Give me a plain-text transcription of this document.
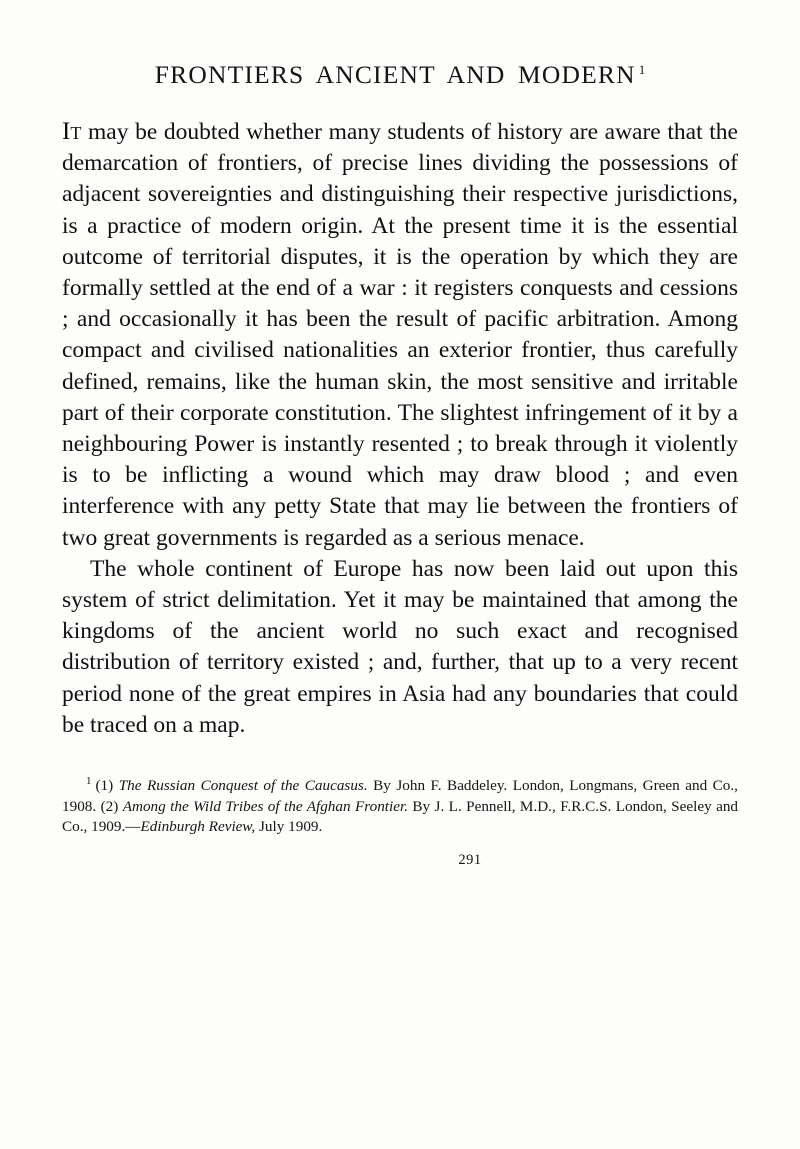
FRONTIERS ANCIENT AND MODERN $^1$

It may be doubted whether many students of history are aware that the demarcation of frontiers, of precise lines dividing the possessions of adjacent sovereignties and distinguishing their respective jurisdictions, is a practice of modern origin. At the present time it is the essential outcome of territorial disputes, it is the operation by which they are formally settled at the end of a war : it registers conquests and cessions ; and occasionally it has been the result of pacific arbitration. Among compact and civilised nationalities an exterior frontier, thus carefully defined, remains, like the human skin, the most sensitive and irritable part of their corporate constitution. The slightest infringement of it by a neighbouring Power is instantly resented ; to break through it violently is to be inflicting a wound which may draw blood ; and even interference with any petty State that may lie between the frontiers of two great governments is regarded as a serious menace.

The whole continent of Europe has now been laid out upon this system of strict delimitation. Yet it may be maintained that among the kingdoms of the ancient world no such exact and recognised distribution of territory existed ; and, further, that up to a very recent period none of the great empires in Asia had any boundaries that could be traced on a map.

$^1$ (1) The Russian Conquest of the Caucasus. By John F. Baddeley. London, Longmans, Green and Co., 1908. (2) Among the Wild Tribes of the Afghan Frontier. By J. L. Pennell, M.D., F.R.C.S. London, Seeley and Co., 1909.—Edinburgh Review, July 1909.
291
